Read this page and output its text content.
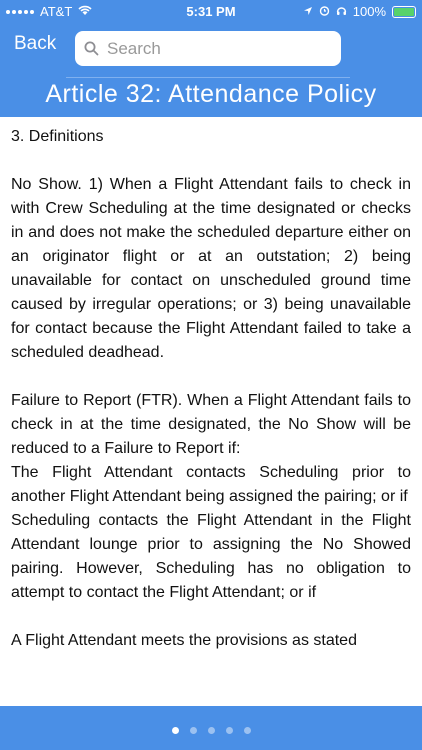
AT&T	5:31 PM	100%
Back
Search
Article 32: Attendance Policy

3. Definitions

No Show. 1) When a Flight Attendant fails to check in with Crew Scheduling at the time designated or checks in and does not make the scheduled departure either on an originator flight or at an outstation; 2) being unavailable for contact on unscheduled ground time caused by irregular operations; or 3) being unavailable for contact because the Flight Attendant failed to take a scheduled deadhead.

Failure to Report (FTR). When a Flight Attendant fails to check in at the time designated, the No Show will be reduced to a Failure to Report if:
The Flight Attendant contacts Scheduling prior to another Flight Attendant being assigned the pairing; or if
Scheduling contacts the Flight Attendant in the Flight Attendant lounge prior to assigning the No Showed pairing. However, Scheduling has no obligation to attempt to contact the Flight Attendant; or if

A Flight Attendant meets the provisions as stated
